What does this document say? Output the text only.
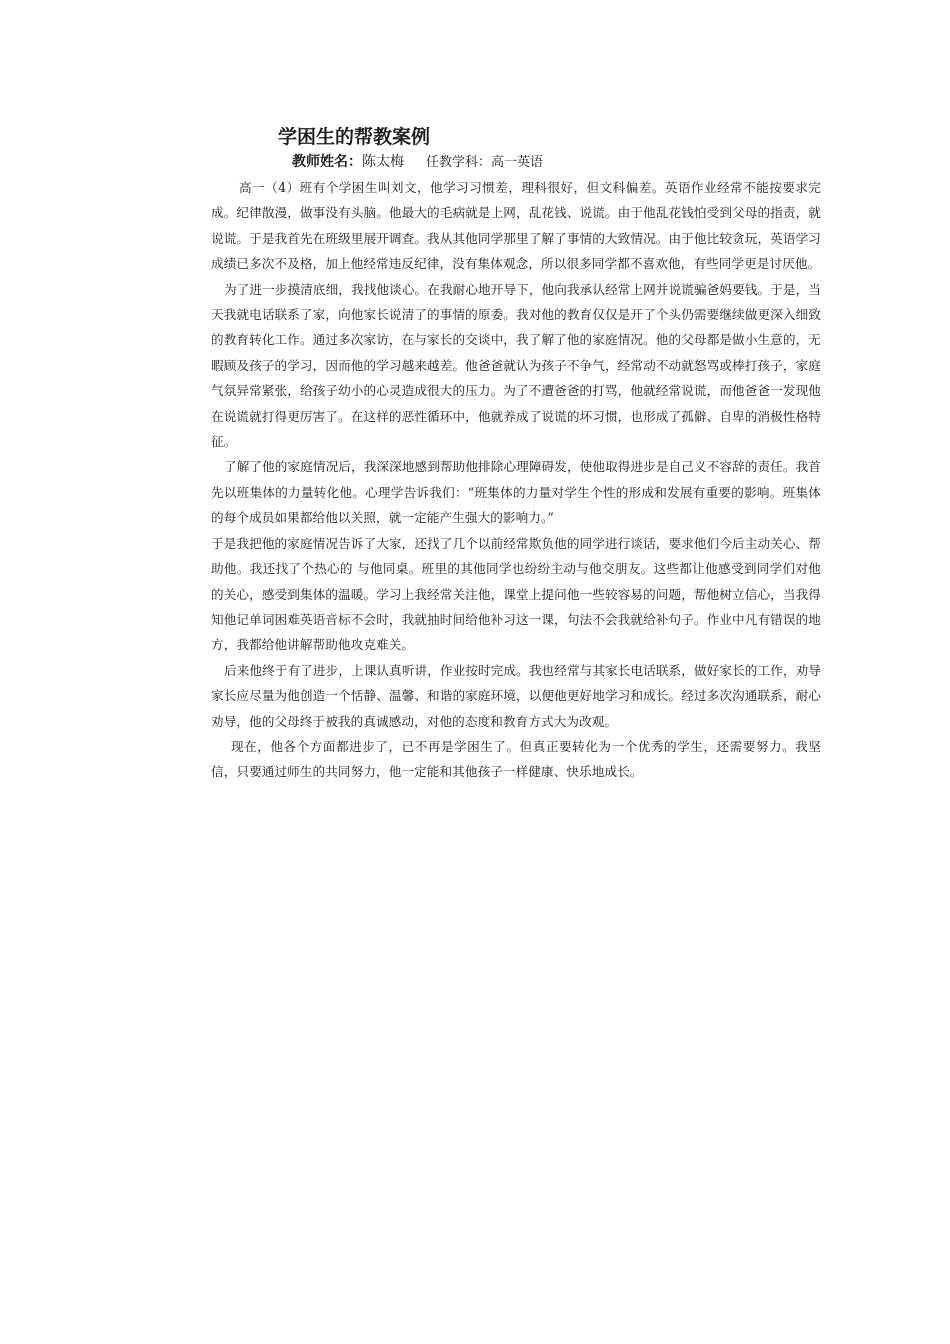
学困生的帮教案例
教师姓名：陈太梅 任教学科：高一英语

高一（4）班有个学困生叫刘文，他学习习惯差，理科很好，但文科偏差。英语作业经常不能按要求完成。纪律散漫，做事没有头脑。他最大的毛病就是上网，乱花钱、说谎。由于他乱花钱怕受到父母的指责，就说谎。于是我首先在班级里展开调查。我从其他同学那里了解了事情的大致情况。由于他比较贪玩，英语学习成绩已多次不及格，加上他经常违反纪律，没有集体观念，所以很多同学都不喜欢他，有些同学更是讨厌他。

为了进一步摸清底细，我找他谈心。在我耐心地开导下，他向我承认经常上网并说谎骗爸妈要钱。于是，当天我就电话联系了家，向他家长说清了的事情的原委。我对他的教育仅仅是开了个头仍需要继续做更深入细致的教育转化工作。通过多次家访，在与家长的交谈中，我了解了他的家庭情况。他的父母都是做小生意的，无暇顾及孩子的学习，因而他的学习越来越差。他爸爸就认为孩子不争气，经常动不动就怒骂或棒打孩子，家庭气氛异常紧张，给孩子幼小的心灵造成很大的压力。为了不遭爸爸的打骂，他就经常说谎，而他爸爸一发现他在说谎就打得更厉害了。在这样的恶性循环中，他就养成了说谎的坏习惯，也形成了孤僻、自卑的消极性格特征。

了解了他的家庭情况后，我深深地感到帮助他排除心理障碍发，使他取得进步是自己义不容辞的责任。我首先以班集体的力量转化他。心理学告诉我们：“班集体的力量对学生个性的形成和发展有重要的影响。班集体的每个成员如果都给他以关照，就一定能产生强大的影响力。”

于是我把他的家庭情况告诉了大家，还找了几个以前经常欺负他的同学进行谈话，要求他们今后主动关心、帮助他。我还找了个热心的 与他同桌。班里的其他同学也纷纷主动与他交朋友。这些都让他感受到同学们对他的关心，感受到集体的温暖。学习上我经常关注他，课堂上提问他一些较容易的问题，帮他树立信心，当我得知他记单词困难英语音标不会时，我就抽时间给他补习这一课，句法不会我就给补句子。作业中凡有错误的地方，我都给他讲解帮助他攻克难关。

后来他终于有了进步，上课认真听讲，作业按时完成。我也经常与其家长电话联系，做好家长的工作，劝导家长应尽量为他创造一个恬静、温馨、和谐的家庭环境，以便他更好地学习和成长。经过多次沟通联系，耐心劝导，他的父母终于被我的真诚感动，对他的态度和教育方式大为改观。

现在，他各个方面都进步了，已不再是学困生了。但真正要转化为一个优秀的学生，还需要努力。我坚信，只要通过师生的共同努力，他一定能和其他孩子一样健康、快乐地成长。
